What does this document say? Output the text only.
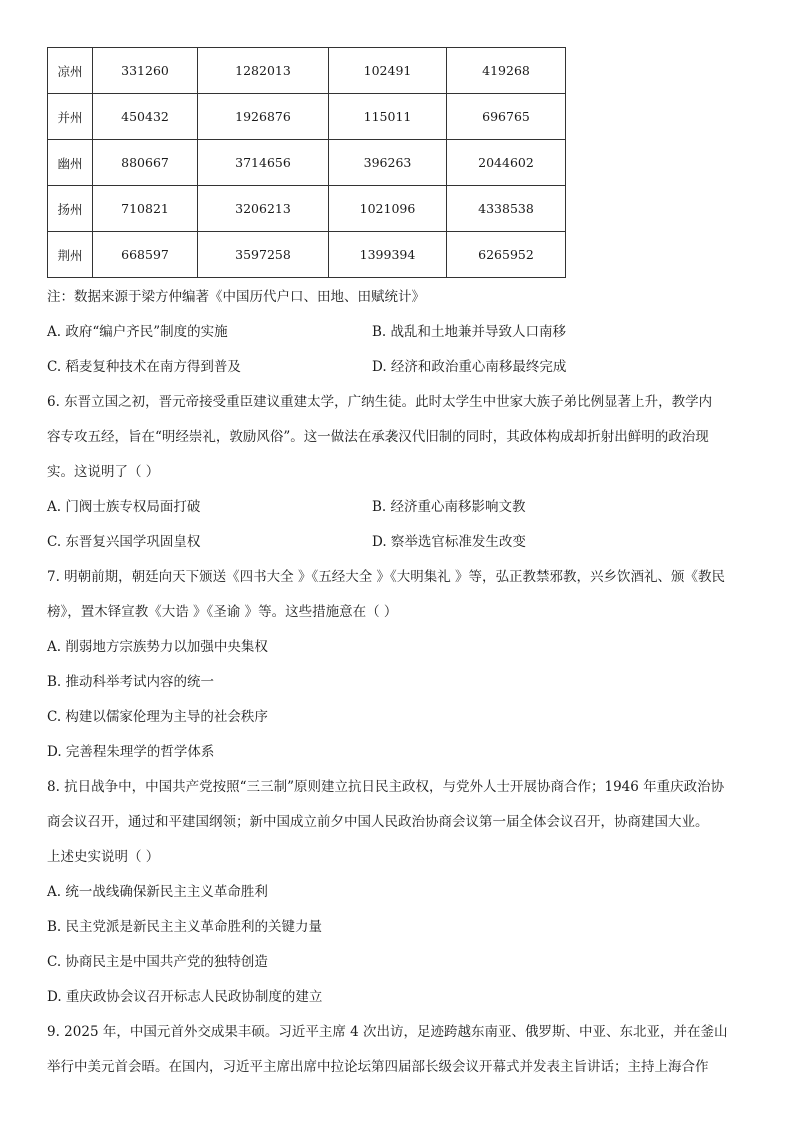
凉州	331260	1282013	102491	419268
并州	450432	1926876	115011	696765
幽州	880667	3714656	396263	2044602
扬州	710821	3206213	1021096	4338538
荆州	668597	3597258	1399394	6265952

注：数据来源于梁方仲编著《中国历代户口、田地、田赋统计》

A. 政府“编户齐民”制度的实施	B. 战乱和土地兼并导致人口南移
C. 稻麦复种技术在南方得到普及	D. 经济和政治重心南移最终完成

6. 东晋立国之初，晋元帝接受重臣建议重建太学，广纳生徒。此时太学生中世家大族子弟比例显著上升，教学内

容专攻五经，旨在“明经崇礼，敦励风俗”。这一做法在承袭汉代旧制的同时，其政体构成却折射出鲜明的政治现

实。这说明了（ ）

A. 门阀士族专权局面打破	B. 经济重心南移影响文教
C. 东晋复兴国学巩固皇权	D. 察举选官标准发生改变

7. 明朝前期，朝廷向天下颁送《四书大全 》《五经大全 》《大明集礼 》等，弘正教禁邪教，兴乡饮酒礼、颁《教民

榜》，置木铎宣教《大诰 》《圣谕 》等。这些措施意在（ ）

A. 削弱地方宗族势力以加强中央集权
B. 推动科举考试内容的统一
C. 构建以儒家伦理为主导的社会秩序
D. 完善程朱理学的哲学体系

8. 抗日战争中，中国共产党按照“三三制”原则建立抗日民主政权，与党外人士开展协商合作；1946 年重庆政治协

商会议召开，通过和平建国纲领；新中国成立前夕中国人民政治协商会议第一届全体会议召开，协商建国大业。

上述史实说明（ ）

A. 统一战线确保新民主主义革命胜利
B. 民主党派是新民主主义革命胜利的关键力量
C. 协商民主是中国共产党的独特创造
D. 重庆政协会议召开标志人民政协制度的建立

9. 2025 年，中国元首外交成果丰硕。习近平主席 4 次出访，足迹跨越东南亚、俄罗斯、中亚、东北亚，并在釜山

举行中美元首会晤。在国内，习近平主席出席中拉论坛第四届部长级会议开幕式并发表主旨讲话；主持上海合作
